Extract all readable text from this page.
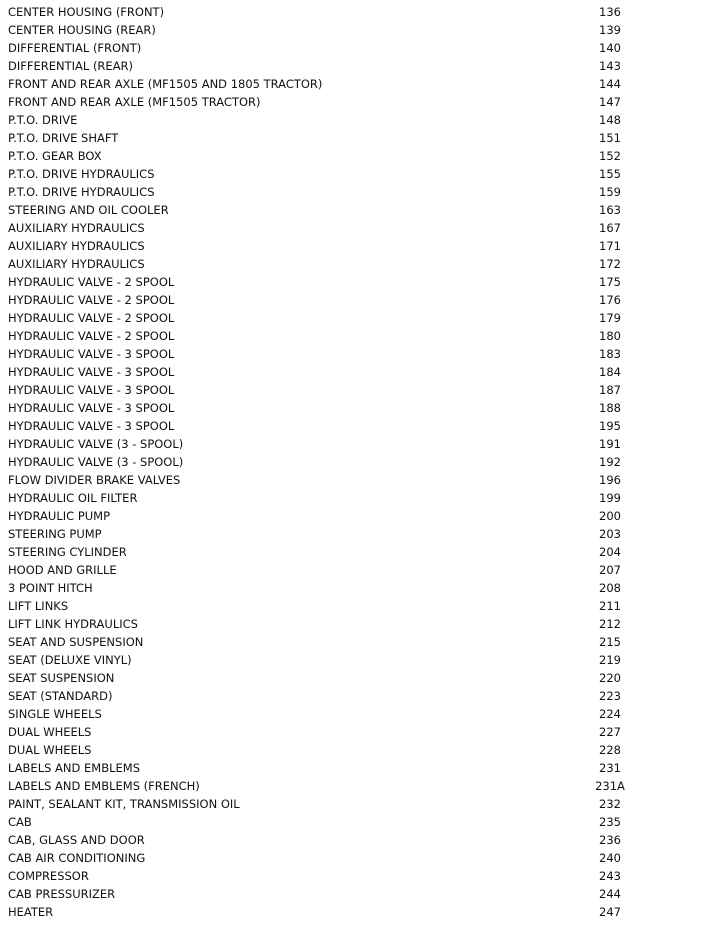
CENTER HOUSING (FRONT)	136
CENTER HOUSING (REAR)	139
DIFFERENTIAL (FRONT)	140
DIFFERENTIAL (REAR)	143
FRONT AND REAR AXLE (MF1505 AND 1805 TRACTOR)	144
FRONT AND REAR AXLE (MF1505 TRACTOR)	147
P.T.O. DRIVE	148
P.T.O. DRIVE SHAFT	151
P.T.O. GEAR BOX	152
P.T.O. DRIVE HYDRAULICS	155
P.T.O. DRIVE HYDRAULICS	159
STEERING AND OIL COOLER	163
AUXILIARY HYDRAULICS	167
AUXILIARY HYDRAULICS	171
AUXILIARY HYDRAULICS	172
HYDRAULIC VALVE - 2 SPOOL	175
HYDRAULIC VALVE - 2 SPOOL	176
HYDRAULIC VALVE - 2 SPOOL	179
HYDRAULIC VALVE - 2 SPOOL	180
HYDRAULIC VALVE - 3 SPOOL	183
HYDRAULIC VALVE - 3 SPOOL	184
HYDRAULIC VALVE - 3 SPOOL	187
HYDRAULIC VALVE - 3 SPOOL	188
HYDRAULIC VALVE - 3 SPOOL	195
HYDRAULIC VALVE (3 - SPOOL)	191
HYDRAULIC VALVE (3 - SPOOL)	192
FLOW DIVIDER BRAKE VALVES	196
HYDRAULIC OIL FILTER	199
HYDRAULIC PUMP	200
STEERING PUMP	203
STEERING CYLINDER	204
HOOD AND GRILLE	207
3 POINT HITCH	208
LIFT LINKS	211
LIFT LINK HYDRAULICS	212
SEAT AND SUSPENSION	215
SEAT (DELUXE VINYL)	219
SEAT SUSPENSION	220
SEAT (STANDARD)	223
SINGLE WHEELS	224
DUAL WHEELS	227
DUAL WHEELS	228
LABELS AND EMBLEMS	231
LABELS AND EMBLEMS (FRENCH)	231A
PAINT, SEALANT KIT, TRANSMISSION OIL	232
CAB	235
CAB, GLASS AND DOOR	236
CAB AIR CONDITIONING	240
COMPRESSOR	243
CAB PRESSURIZER	244
HEATER	247
